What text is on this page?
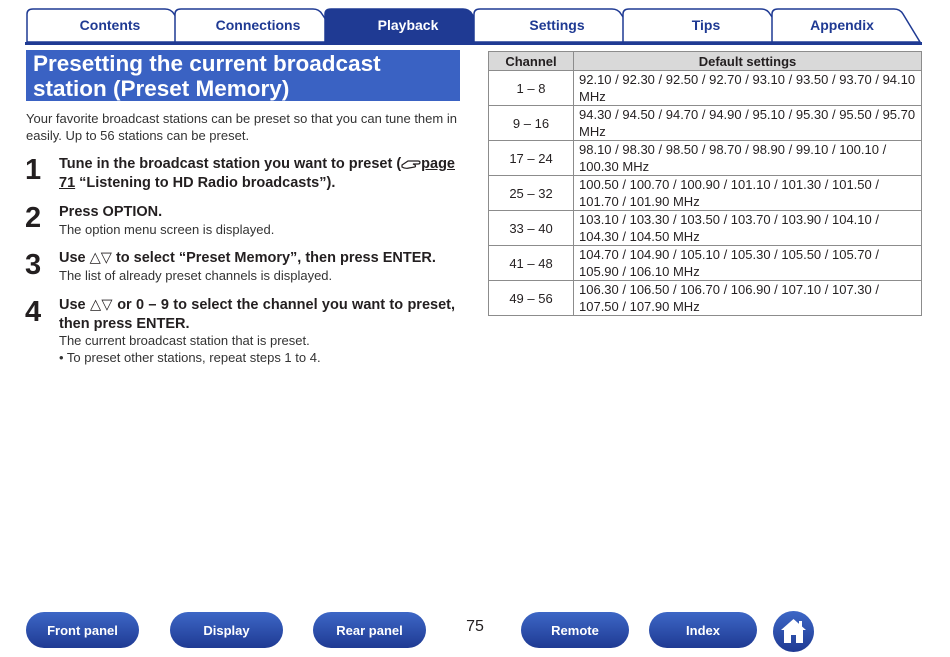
Contents	Connections	Playback	Settings	Tips	Appendix
Presetting the current broadcast station (Preset Memory)
Your favorite broadcast stations can be preset so that you can tune them in easily. Up to 56 stations can be preset.
1 Tune in the broadcast station you want to preset ( page 71 “Listening to HD Radio broadcasts”).
2 Press OPTION.
The option menu screen is displayed.
3 Use △▽ to select “Preset Memory”, then press ENTER.
The list of already preset channels is displayed.
4 Use △▽ or 0 – 9 to select the channel you want to preset, then press ENTER.
The current broadcast station that is preset.
• To preset other stations, repeat steps 1 to 4.
Channel	Default settings
1 – 8	92.10 / 92.30 / 92.50 / 92.70 / 93.10 / 93.50 / 93.70 / 94.10 MHz
9 – 16	94.30 / 94.50 / 94.70 / 94.90 / 95.10 / 95.30 / 95.50 / 95.70 MHz
17 – 24	98.10 / 98.30 / 98.50 / 98.70 / 98.90 / 99.10 / 100.10 / 100.30 MHz
25 – 32	100.50 / 100.70 / 100.90 / 101.10 / 101.30 / 101.50 / 101.70 / 101.90 MHz
33 – 40	103.10 / 103.30 / 103.50 / 103.70 / 103.90 / 104.10 / 104.30 / 104.50 MHz
41 – 48	104.70 / 104.90 / 105.10 / 105.30 / 105.50 / 105.70 / 105.90 / 106.10 MHz
49 – 56	106.30 / 106.50 / 106.70 / 106.90 / 107.10 / 107.30 / 107.50 / 107.90 MHz
Front panel	Display	Rear panel	75	Remote	Index
